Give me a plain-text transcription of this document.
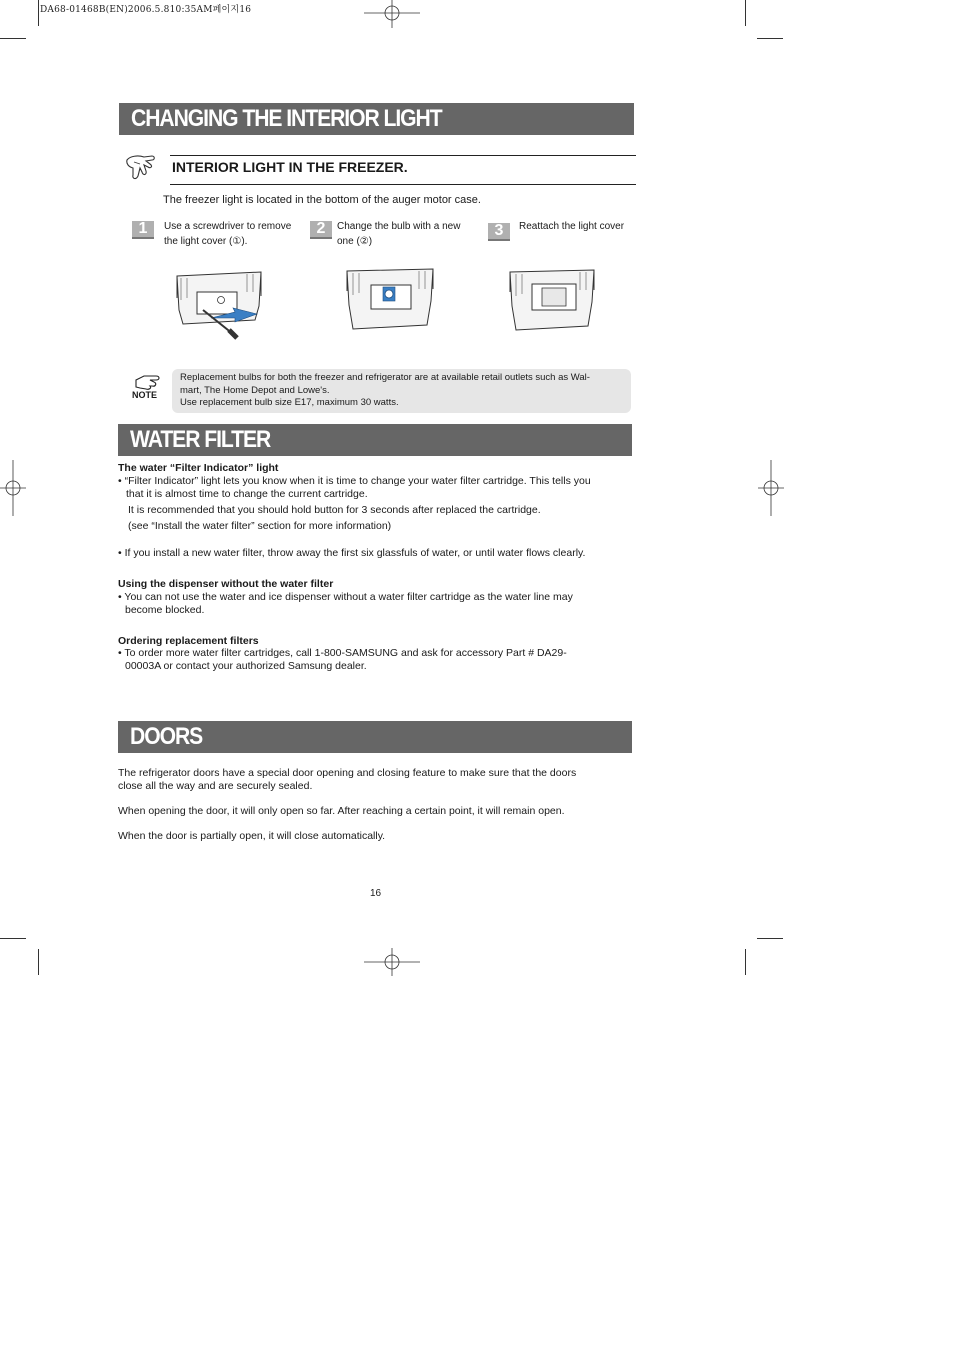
DA68-01468B(EN)2006.5.810:35AM페이지16
CHANGING THE INTERIOR LIGHT
INTERIOR LIGHT IN THE FREEZER.
The freezer light is located in the bottom of the auger motor case.
1	Use a screwdriver to remove
the light cover (①).
2	Change the bulb with a new
one (②)
3	Reattach the light cover
NOTE
Replacement bulbs for both the freezer and refrigerator are at available retail outlets such as Wal-
mart, The Home Depot and Lowe's.
Use replacement bulb size E17, maximum 30 watts.
WATER FILTER
The water “Filter Indicator” light
• “Filter Indicator” light lets you know when it is time to change your water filter cartridge. This tells you
that it is almost time to change the current cartridge.
It is recommended that you should hold button for 3 seconds after replaced the cartridge.
(see “Install the water filter” section for more information)
• If you install a new water filter, throw away the first six glassfuls of water, or until water flows clearly.
Using the dispenser without the water filter
• You can not use the water and ice dispenser without a water filter cartridge as the water line may
become blocked.
Ordering replacement filters
• To order more water filter cartridges, call 1-800-SAMSUNG and ask for accessory Part # DA29-
00003A or contact your authorized Samsung dealer.
DOORS
The refrigerator doors have a special door opening and closing feature to make sure that the doors
close all the way and are securely sealed.
When opening the door, it will only open so far. After reaching a certain point, it will remain open.
When the door is partially open, it will close automatically.
16
